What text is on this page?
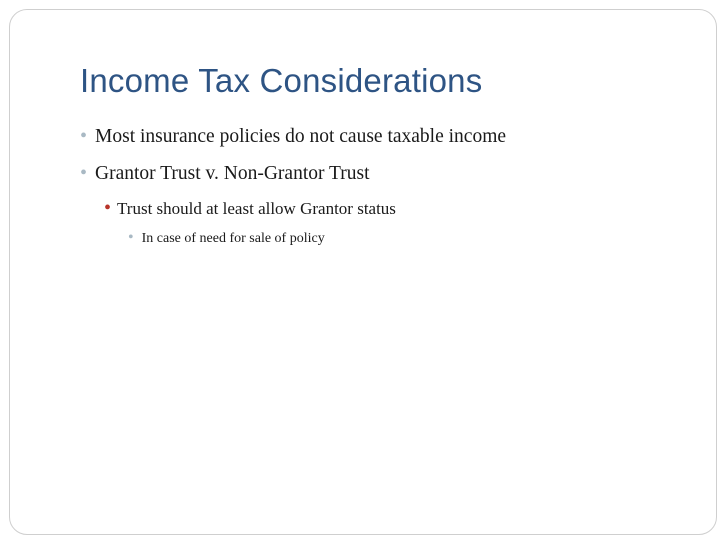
Income Tax Considerations
• Most insurance policies do not cause taxable income
• Grantor Trust v. Non-Grantor Trust
• Trust should at least allow Grantor status
• In case of need for sale of policy
